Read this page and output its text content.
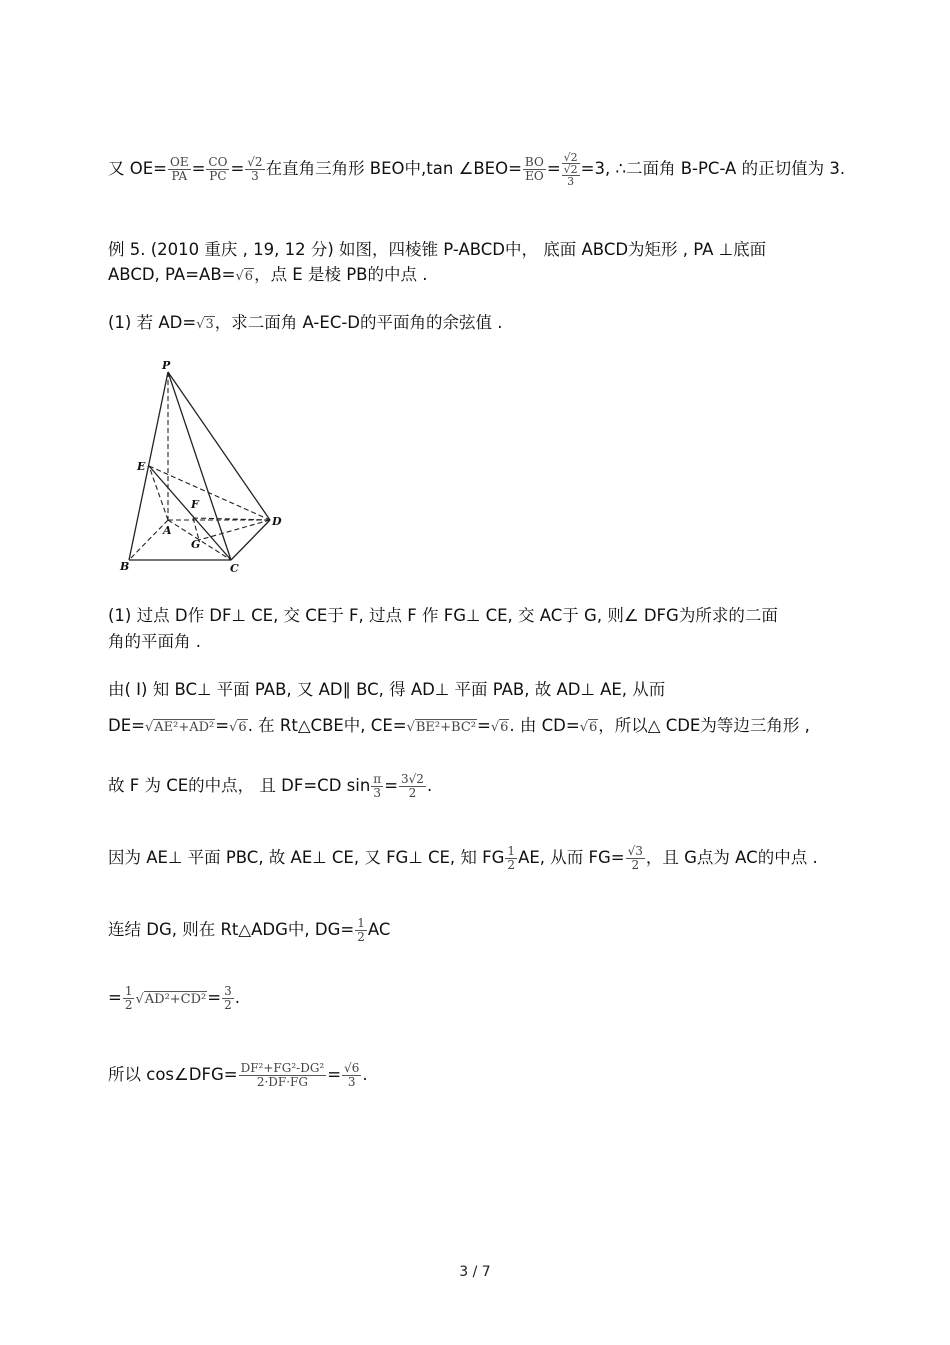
又 $OE= \frac{OE}{PA} = \frac{CO}{PC} = \frac{√2}{3}$ 在直角三角形 BEO中,tan ∠BEO= $\frac{BO}{EO}$ =
√2
√2
3
=3, ∴二面角 B-PC-A 的正切值为 3.
例 5. (2010 重庆 , 19, 12 分) 如图，四棱锥 P-ABCD中， 底面 ABCD为矩形 , PA ⊥底面
ABCD, PA=AB=√6，点 E 是棱 PB的中点 .
(1) 若 AD=√3，求二面角 A-EC-D的平面角的余弦值 .
P
E
F
A
G
D
B	C
(1) 过点 D作 DF⊥ CE, 交 CE于 F, 过点 F 作 FG⊥ CE, 交 AC于 G, 则∠ DFG为所求的二面
角的平面角 .
由( Ⅰ) 知 BC⊥ 平面 PAB, 又 AD∥ BC, 得 AD⊥ 平面 PAB, 故 AD⊥ AE, 从而
DE=√AE²+AD²=√6. 在 Rt△CBE中, CE=√BE²+BC²=√6. 由 CD=√6，所以△ CDE为等边三角形 ,
故 F 为 CE的中点， 且 DF=CD $\sin \frac{\pi}{3} = \frac{3√2}{2}$ .
因为 AE⊥ 平面 PBC, 故 AE⊥ CE, 又 FG⊥ CE, 知 FG $\frac{1}{2}$ AE, 从而 $FG= \frac{√3}{2}$ ，且 G点为 AC的中点 .
连结 DG, 则在 Rt△ADG中, $DG= \frac{1}{2}$ AC
= $\frac{1}{2} √AD^2+CD^2= \frac{3}{2}$ .
所以 cos∠DFG= $\frac{\text{DF²+FG²-DG²}}{2\cdot DF\cdot FG} = \frac{√6}{3}$ .
3 / 7
